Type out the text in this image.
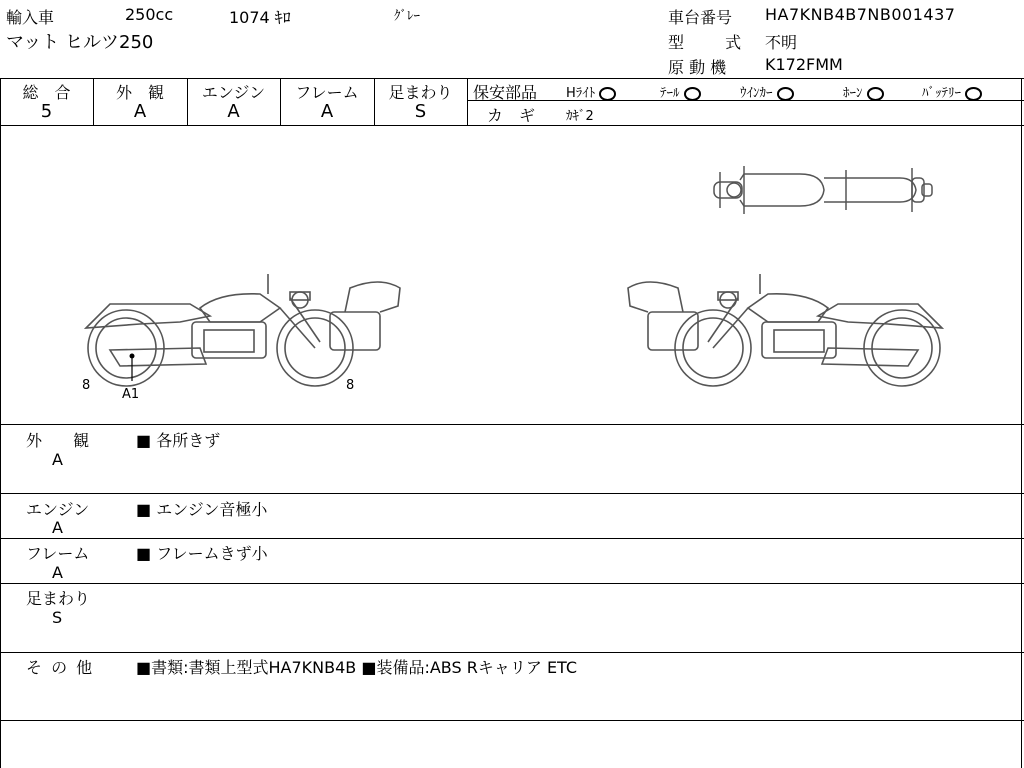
輸入車	250cc	1074 ｷﾛ	ｸﾞﾚｰ
マット ヒルツ250
車台番号 HA7KNB4B7NB001437
型　 式 不明
原 動 機 K172FMM
総　合
5
外　観
A
エンジン
A
フレーム
A
足まわり
S
保安部品 Hﾗｲﾄ	ﾃｰﾙ	ｳｲﾝｶｰ	ﾎｰﾝ	ﾊﾞｯﾃﾘｰ
カ　ギ ｶｷﾞ2
8	8
A1
外　 観
A
■ 各所きず
エンジン
A
■ エンジン音極小
フレーム
A
■ フレームきず小
足まわり
S
そ の 他	■書類:書類上型式HA7KNB4B ■装備品:ABS Rキャリア ETC
